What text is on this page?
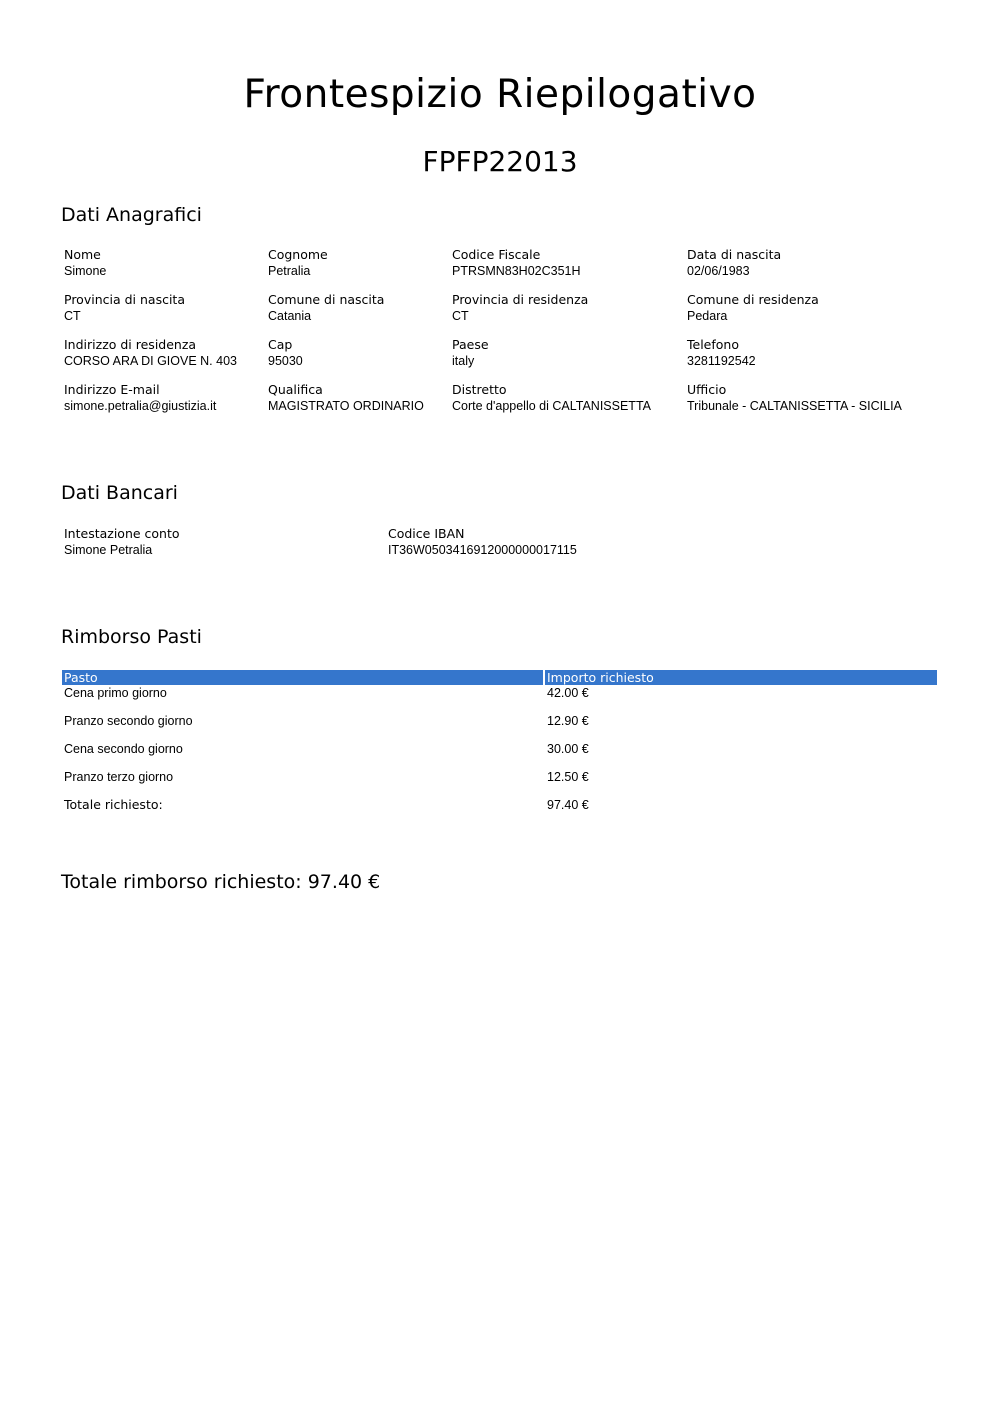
Frontespizio Riepilogativo
FPFP22013
Dati Anagrafici
Nome
Simone
Cognome
Petralia
Codice Fiscale
PTRSMN83H02C351H
Data di nascita
02/06/1983
Provincia di nascita
CT
Comune di nascita
Catania
Provincia di residenza
CT
Comune di residenza
Pedara
Indirizzo di residenza
CORSO ARA DI GIOVE N. 403
Cap
95030
Paese
italy
Telefono
3281192542
Indirizzo E-mail
simone.petralia@giustizia.it
Qualifica
MAGISTRATO ORDINARIO
Distretto
Corte d'appello di CALTANISSETTA
Ufficio
Tribunale - CALTANISSETTA - SICILIA
Dati Bancari
Intestazione conto
Simone Petralia
Codice IBAN
IT36W0503416912000000017115
Rimborso Pasti
Pasto	Importo richiesto
Cena primo giorno	42.00 €
Pranzo secondo giorno	12.90 €
Cena secondo giorno	30.00 €
Pranzo terzo giorno	12.50 €
Totale richiesto:	97.40 €
Totale rimborso richiesto: 97.40 €
